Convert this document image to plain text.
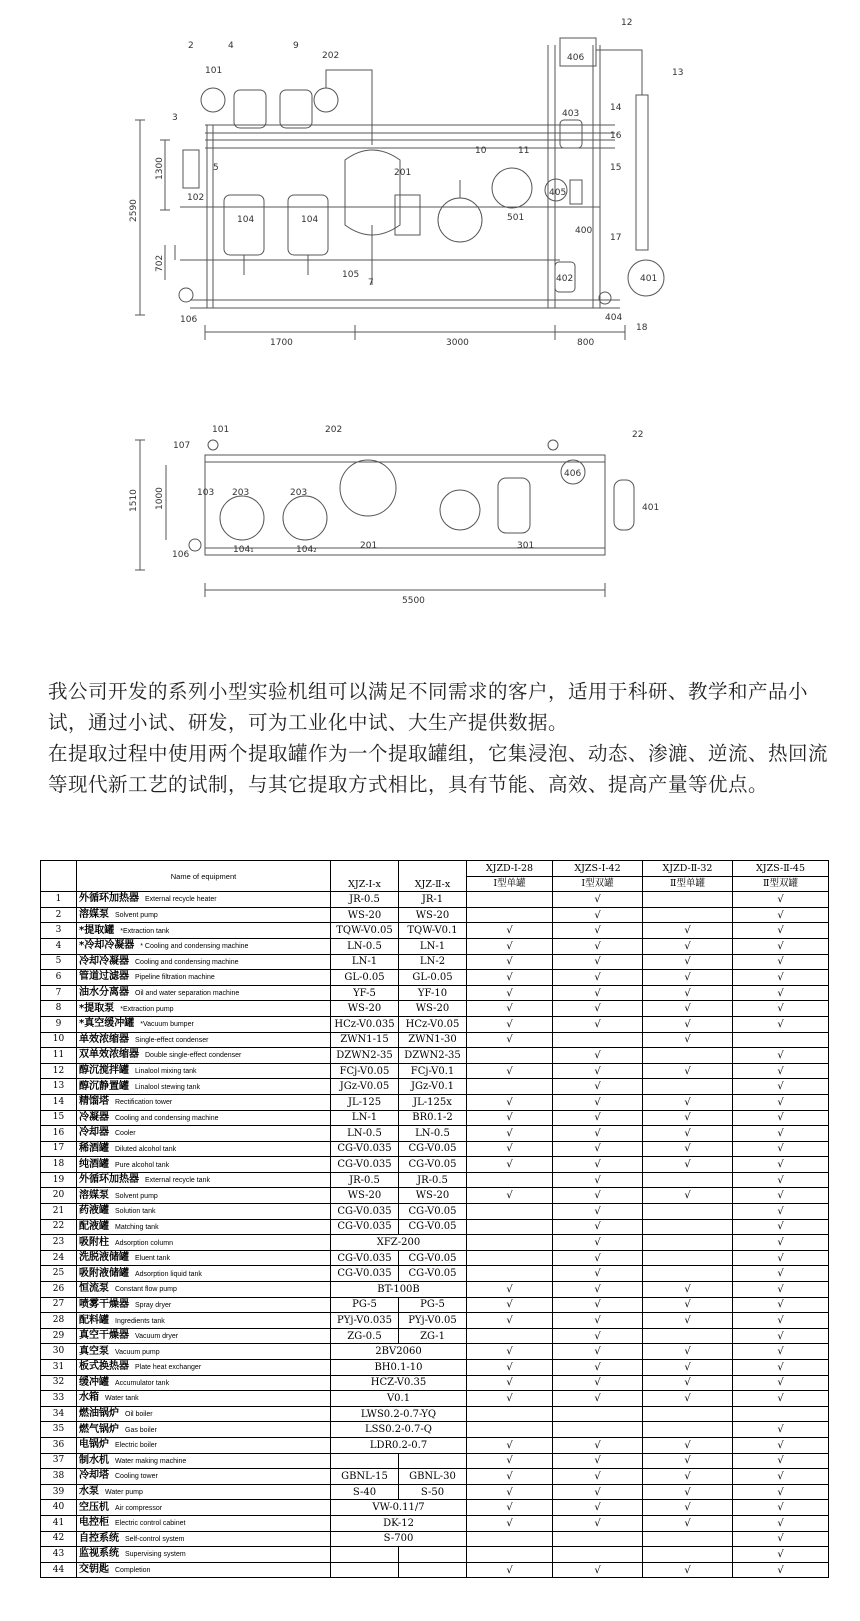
2	4	9
202
101
3
5
102
104	104
201
10	11
501
105
7
106
12
406
13
403
14
16
15
405
400
17
402	401
404
18
2590
1300
702
1700	3000	800
101
107
202	22
1510 1000	103 203	203
406
401
106	104₁	104₂	201	301
5500

我公司开发的系列小型实验机组可以满足不同需求的客户，适用于科研、教学和产品小试，通过小试、研发，可为工业化中试、大生产提供数据。

在提取过程中使用两个提取罐作为一个提取罐组，它集浸泡、动态、渗漉、逆流、热回流等现代新工艺的试制，与其它提取方式相比，具有节能、高效、提高产量等优点。

	Name of equipment	XJZ-Ⅰ-x	XJZ-Ⅱ-x	XJZD-Ⅰ-28	XJZS-Ⅰ-42	XJZD-Ⅱ-32	XJZS-Ⅱ-45
				Ⅰ型单罐	Ⅰ型双罐	Ⅱ型单罐	Ⅱ型双罐
1	外循环加热器 External recycle heater	JR-0.5	JR-1		√		√
2	溶媒泵 Solvent pump	WS-20	WS-20		√		√
3	*提取罐 *Extraction tank	TQW-V0.05	TQW-V0.1	√	√	√	√
4	*冷却冷凝器 * Cooling and condensing machine	LN-0.5	LN-1	√	√	√	√
5	冷却冷凝器 Cooling and condensing machine	LN-1	LN-2	√	√	√	√
6	管道过滤器 Pipeline filtration machine	GL-0.05	GL-0.05	√	√	√	√
7	油水分离器 Oil and water separation machine	YF-5	YF-10	√	√	√	√
8	*提取泵 *Extraction pump	WS-20	WS-20	√	√	√	√
9	*真空缓冲罐 *Vacuum bumper	HCz-V0.035	HCz-V0.05	√	√	√	√
10	单效浓缩器 Single-effect condenser	ZWN1-15	ZWN1-30	√		√	
11	双单效浓缩器 Double single-effect condenser	DZWN2-35	DZWN2-35		√		√
12	醇沉搅拌罐 Linalool mixing tank	FCj-V0.05	FCj-V0.1	√	√	√	√
13	醇沉静置罐 Linalool stewing tank	JGz-V0.05	JGz-V0.1		√		√
14	精馏塔 Rectification tower	JL-125	JL-125x	√	√	√	√
15	冷凝器 Cooling and condensing machine	LN-1	BR0.1-2	√	√	√	√
16	冷却器 Cooler	LN-0.5	LN-0.5	√	√	√	√
17	稀酒罐 Diluted alcohol tank	CG-V0.035	CG-V0.05	√	√	√	√
18	纯酒罐 Pure alcohol tank	CG-V0.035	CG-V0.05	√	√	√	√
19	外循环加热器 External recycle tank	JR-0.5	JR-0.5		√		√
20	溶媒泵 Solvent pump	WS-20	WS-20	√	√	√	√
21	药液罐 Solution tank	CG-V0.035	CG-V0.05		√		√
22	配液罐 Matching tank	CG-V0.035	CG-V0.05		√		√
23	吸附柱 Adsorption column	XFZ-200			√		√
24	洗脱液储罐 Eluent tank	CG-V0.035	CG-V0.05		√		√
25	吸附液储罐 Adsorption liquid tank	CG-V0.035	CG-V0.05		√		√
26	恒流泵 Constant flow pump	BT-100B		√	√	√	√
27	喷雾干燥器 Spray dryer	PG-5	PG-5	√	√	√	√
28	配料罐 Ingredients tank	PYj-V0.035	PYj-V0.05	√	√	√	√
29	真空干燥器 Vacuum dryer	ZG-0.5	ZG-1		√		√
30	真空泵 Vacuum pump	2BV2060		√	√	√	√
31	板式换热器 Plate heat exchanger	BH0.1-10		√	√	√	√
32	缓冲罐 Accumulator tank	HCZ-V0.35		√	√	√	√
33	水箱 Water tank	V0.1		√	√	√	√
34	燃油锅炉 Oil boiler	LWS0.2-0.7-YQ					
35	燃气锅炉 Gas boiler	LSS0.2-0.7-Q					√
36	电锅炉 Electric boiler	LDR0.2-0.7		√	√	√	√
37	制水机 Water making machine			√	√	√	√
38	冷却塔 Cooling tower	GBNL-15	GBNL-30	√	√	√	√
39	水泵 Water pump	S-40	S-50	√	√	√	√
40	空压机 Air compressor	VW-0.11/7		√	√	√	√
41	电控柜 Electric control cabinet	DK-12		√	√	√	√
42	自控系统 Self-control system	S-700					√
43	监视系统 Supervising system						√
44	交钥匙 Completion			√	√	√	√
